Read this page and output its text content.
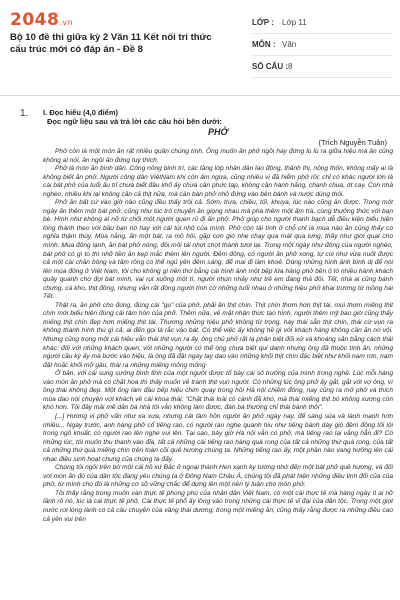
2048.vn
Bộ 10 đề thi giữa kỳ 2 Văn 11 Kết nối tri thức cấu trúc mới có đáp án - Đề 8
LỚP :	Lớp 11
MÔN : Văn
SỐ CÂU : 8
1. I. Đọc hiểu (4,0 điểm)
Đọc ngữ liệu sau và trả lời các câu hỏi bên dưới:
PHỞ
(Trích Nguyễn Tuân)

Phở còn là một món ăn rất nhiều quần chúng tính. Ông muốn ăn phở ngồi hay đứng lù lù ra giữa hiệu mà ăn cũng không ai nói, ăn ngồi ăn đứng tuỳ thích.

Phở là món ăn bình dân. Công nông binh trí, các tầng lớp nhân dân lao động, thành thị, nông thôn, không mấy ai là không biết ăn phở. Người công dân ViệtNam khi còn ấm ngừa, cũng nhiều vị đã hiểm phở rồi; chỉ có khác người lớn là cái bát phở của tuổi ấu trĩ chưa biết đâu khổ ấy chưa cần phức tạp, không cần hành hăng, chanh chua, ớt cay. Con nhà nghèo, nhiều khi lại không cần cả thịt nữa, mà cần bàn phở nhỏ đứng vào bên bánh và nước dùng thôi.

Phở ăn bất cứ vào giờ nào cũng đều thấy trôi cả. Sớm, trưa, chiều, tối, khuya, lúc nào cũng ăn được. Trong một ngày ăn thêm một bát phở, cũng như lúc trò chuyện ăn giọng nhau mà pha thêm một ấm trà, cùng thưởng thức với bạn bè. Hình như không ai nỡ từ chối một người quen rủ đi ăn phở. Phở giúp cho người thanh bạch dễ điều kiện biểu hiện lòng thành theo với bầu bạn nó hay với cái túi nhỏ của mình. Phở còn tài tình ở chỗ chỉ là mùa nào ăn cũng thấy có nghĩa thậm thúy. Mùa nắng, ăn một bát, ra mồ hôi, gặp cơn gió nhẹ chạy qua mát qua lưng, thấy như giời quạt cho mình. Mùa đông lạnh, ăn bát phở nóng, đôi môi tái nhợt chợt thành tươi lại. Trong một ngày như đông của người nghèo, bát phở có gì to thì nhỡ tiền ăn kẹp mắc thêm lên người. Đêm đông, có người ăn phở xong, tự coi như vừa nuốt được cả một cái chăn bông và tấm rồng có thể ngủ yên đêm sáng, để mai đi làm khoẻ. Dùng những hình ảnh bình dị để nói lên mùa đông ở Việt Nam, tôi cho không gì nên thơ bằng cái hình ảnh một bếp lửa hàng phở bên ô tô nhiều hành khách quây quanh chờ đợi bát mình, vai rụt xuống một tí, người nhún nhảy như trẻ em đang thả đôi. Tết, nhà ai cũng bánh chưng, cá kho, thịt đông, nhưng vẫn rất đông người tính cờ những tuổi nhau ở những hiệu phở khai trương từ mồng hai Tết.

Thật ra, ăn phở cho đúng, đúng cái "gu" của phở, phải ăn thịt chín. Thịt chín thơm hơn thịt tái, mùi thơm miếng thịt chín mới biểu hiện đúng cái tâm hồn của phở. Thêm nữa, về mặt nhận thức tạo hình, người thêm mỹ bao giờ cũng thấy miếng thịt chín đẹp hơn miếng thịt tái. Thương những hiệu phở không từ trọng, hay thái sẵn thịt chín, thái cừ vụn ra không thành hình thù gì cả, ai đến gọi là rắc vào bát. Có thể việc ấy không hề gì với khách hàng không cần ăn no vội. Nhưng cũng trọng một cái hiệu vẫn thái thịt vụn ra ấy, ông chủ phở rất lạ phân biệt đối xử và khoáng sản bằng cách thái khác: đối với những khách quen, với những người có thể ông chưa biết qui danh nhưng ông đã thuộc tính ăn, những người cầu kỳ ấy mà bước vào hiệu, là ông đã đặt ngay tay dao vào những khối thịt chín đặc biệt như khối nạm rơn, nạm đặt hoặc khối mỡ gầu, thái ra những miếng mỏng mỏng

Ở bản, với cái sung sướng bình tĩnh của một người được tổ bày cái số trường của mình trong nghề. Lúc mỗi hàng vào món ăn phở mà có chất hoa thì thấy muốn về tranh thịt vụn người. Có những lúc ông phở ấy gắt, gắt với vợ ông, vì ông thái không đẹp. Một ông làm đầu bếp hiệu chim quay trong hồi Hà nội chiếm đóng, nay cũng ra mở phở và thích mùa dao nói chuyện với khách về cái khoa thái: "Chặt thái loài có cánh đã khó, mà thái miếng thịt bò không xương còn khó hơn. Tôi đây mải mê dân bà nhà tôi vẫn không làm được, đàn bà thường chỉ thái bánh thôi".

[...] Hương vị phở vấn như xa xưa, nhưng cái tâm hồn người ăn phở ngày nay, để sáng sủa và lành mạnh hơn nhiều... Ngày trước, anh hàng phở cổ tiếng rao, có người rao nghe quanh hiu như tiếng bánh dày giò đêm đông tối lội trong ngõ khuất; có người rao lên nghe vui lên. Tại sao, bây giờ Hà nội vẫn có phở, mà tiếng rao lại vắng hẳn đi? Có những lúc, tôi muốn thu thanh vào đĩa, tất cả những cái tiếng rao hàng quà rong của tất cả những thứ quà rong, của tất cả những thứ quà miếng chín trên toàn cõi quê hương chúng ta. Những tiếng rao ấy, một phần nào vang hưởng lên cái nhạc điệu sinh hoạt chung của chúng ta đấy.

Chúng tôi ngồi trên bờ một cái hồ xứ Bắc ở ngoại thành Hen xanh ky tường nhớ đến một bát phở quê hương, và đối với món ăn đó của dân tộc đang yêu chúng ta ở Đông Nam Châu Á, chúng tôi đã phát hiện những điều tinh đổi của của phở, từ mình cho đó là những cơ sở vững chắc để dựng lên một nền lý luận cho món phở.

Tôi thấy rằng trong muôn vàn thực tế phong phú của nhân dân Việt Nam, có một cái thực tế mà hàng ngày ít ai nỡ lãnh rõ nó, lúc là cái thực tế phở. Cái thực tế phổ ấy lồng vào trong những cái thực tế vĩ đại của dân tộc. Trong một giọt nước rơi lóng lánh có cả câu chuyện của vầng thái dương; trong một miếng ăn, cũng thấy rằng được ra những điều cao cả yên vui trên
